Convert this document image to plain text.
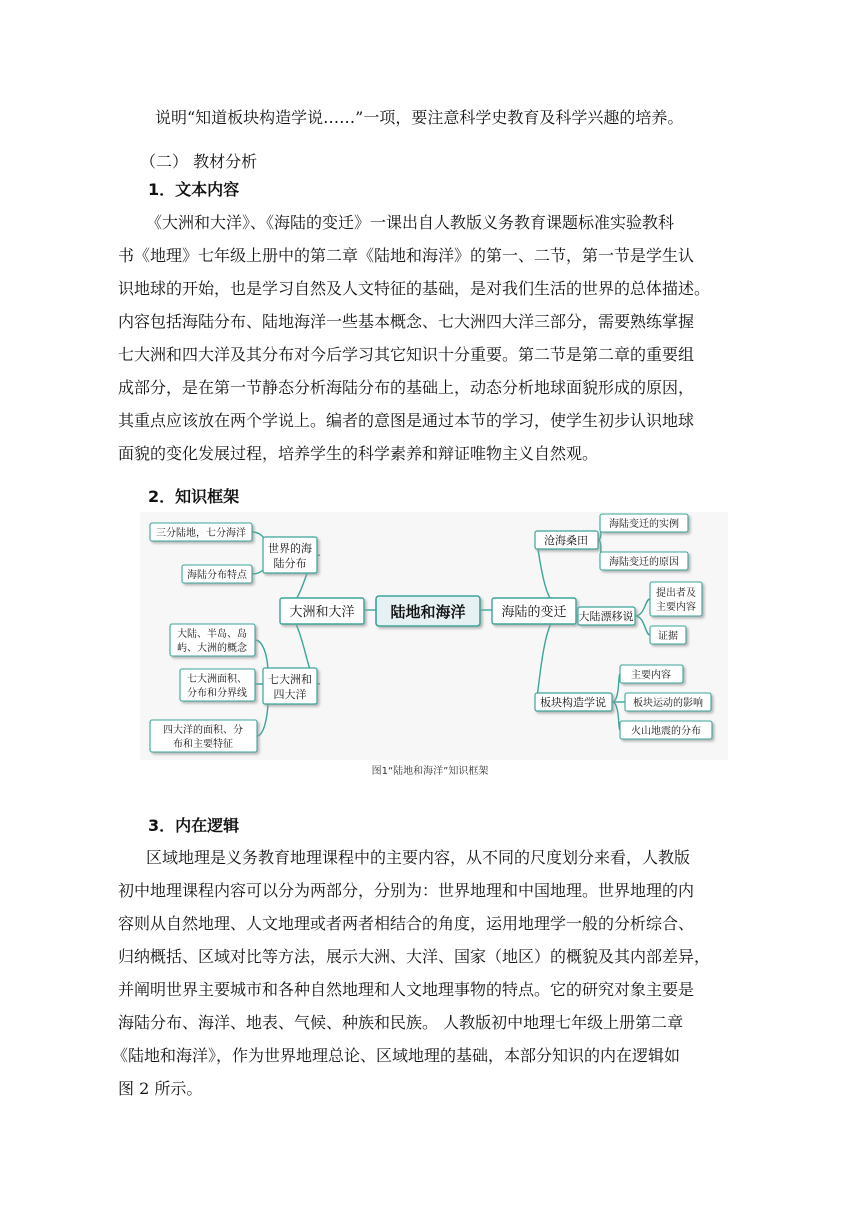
说明“知道板块构造学说……”一项，要注意科学史教育及科学兴趣的培养。
（二） 教材分析
1．文本内容
《大洲和大洋》、《海陆的变迁》一课出自人教版义务教育课题标准实验教科
书《地理》七年级上册中的第二章《陆地和海洋》的第一、二节，第一节是学生认
识地球的开始，也是学习自然及人文特征的基础，是对我们生活的世界的总体描述。
内容包括海陆分布、陆地海洋一些基本概念、七大洲四大洋三部分，需要熟练掌握
七大洲和四大洋及其分布对今后学习其它知识十分重要。第二节是第二章的重要组
成部分，是在第一节静态分析海陆分布的基础上，动态分析地球面貌形成的原因，
其重点应该放在两个学说上。编者的意图是通过本节的学习，使学生初步认识地球
面貌的变化发展过程，培养学生的科学素养和辩证唯物主义自然观。
2．知识框架
陆地和海洋
大洲和大洋	海陆的变迁
世界的海
陆分布
七大洲和
四大洋
三分陆地，七分海洋
海陆分布特点
大陆、半岛、岛
屿、大洲的概念
七大洲面积、
分布和分界线
四大洋的面积、分
布和主要特征
沧海桑田
大陆漂移说
板块构造学说
海陆变迁的实例
海陆变迁的原因
提出者及
主要内容
证据
主要内容
板块运动的影响
火山地震的分布
图1“陆地和海洋”知识框架
3．内在逻辑
区域地理是义务教育地理课程中的主要内容，从不同的尺度划分来看，人教版
初中地理课程内容可以分为两部分，分别为：世界地理和中国地理。世界地理的内
容则从自然地理、人文地理或者两者相结合的角度，运用地理学一般的分析综合、
归纳概括、区域对比等方法，展示大洲、大洋、国家（地区）的概貌及其内部差异，
并阐明世界主要城市和各种自然地理和人文地理事物的特点。它的研究对象主要是
海陆分布、海洋、地表、气候、种族和民族。 人教版初中地理七年级上册第二章
《陆地和海洋》，作为世界地理总论、区域地理的基础，本部分知识的内在逻辑如
图 2 所示。
